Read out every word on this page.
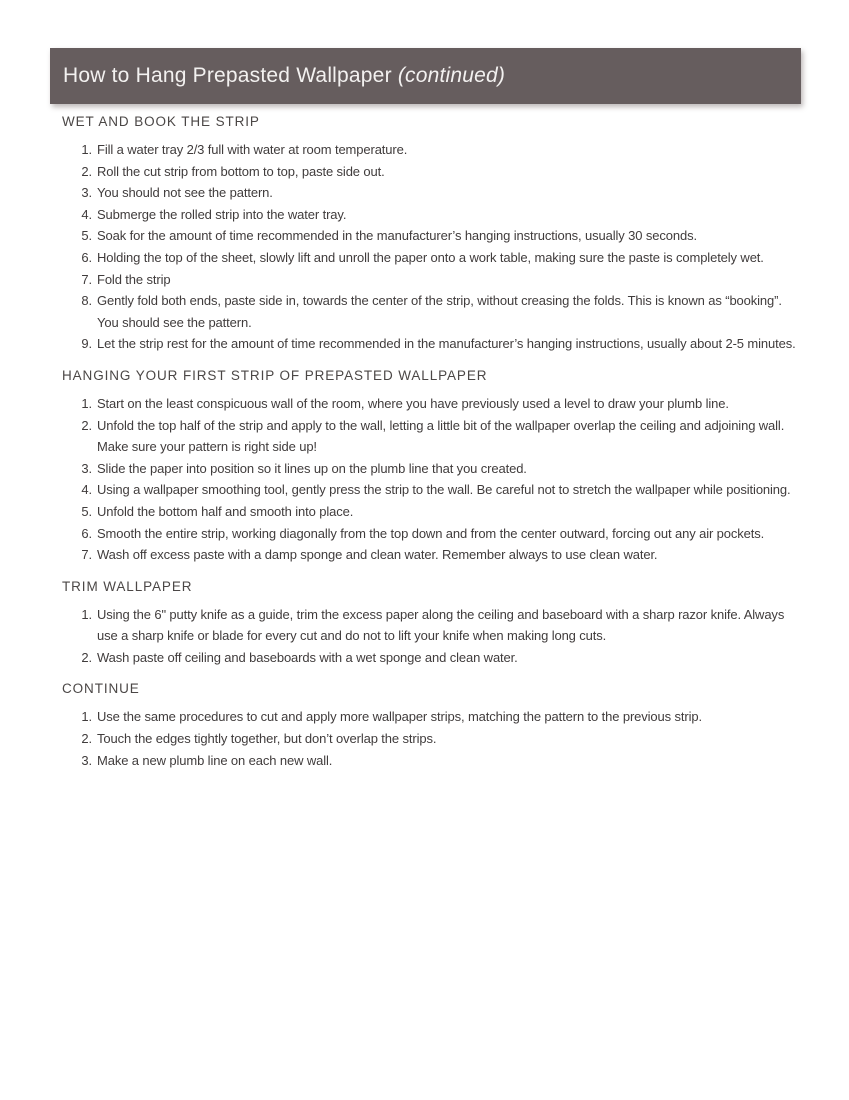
How to Hang Prepasted Wallpaper (continued)
WET AND BOOK THE STRIP
1. Fill a water tray 2/3 full with water at room temperature.
2. Roll the cut strip from bottom to top, paste side out.
3. You should not see the pattern.
4. Submerge the rolled strip into the water tray.
5. Soak for the amount of time recommended in the manufacturer’s hanging instructions, usually 30 seconds.
6. Holding the top of the sheet, slowly lift and unroll the paper onto a work table, making sure the paste is completely wet.
7. Fold the strip
8. Gently fold both ends, paste side in, towards the center of the strip, without creasing the folds. This is known as “booking”. You should see the pattern.
9. Let the strip rest for the amount of time recommended in the manufacturer’s hanging instructions, usually about 2-5 minutes.
HANGING YOUR FIRST STRIP OF PREPASTED WALLPAPER
1. Start on the least conspicuous wall of the room, where you have previously used a level to draw your plumb line.
2. Unfold the top half of the strip and apply to the wall, letting a little bit of the wallpaper overlap the ceiling and adjoining wall. Make sure your pattern is right side up!
3. Slide the paper into position so it lines up on the plumb line that you created.
4. Using a wallpaper smoothing tool, gently press the strip to the wall. Be careful not to stretch the wallpaper while positioning.
5. Unfold the bottom half and smooth into place.
6. Smooth the entire strip, working diagonally from the top down and from the center outward, forcing out any air pockets.
7. Wash off excess paste with a damp sponge and clean water. Remember always to use clean water.
TRIM WALLPAPER
1. Using the 6" putty knife as a guide, trim the excess paper along the ceiling and baseboard with a sharp razor knife. Always use a sharp knife or blade for every cut and do not to lift your knife when making long cuts.
2. Wash paste off ceiling and baseboards with a wet sponge and clean water.
CONTINUE
1. Use the same procedures to cut and apply more wallpaper strips, matching the pattern to the previous strip.
2. Touch the edges tightly together, but don’t overlap the strips.
3. Make a new plumb line on each new wall.
